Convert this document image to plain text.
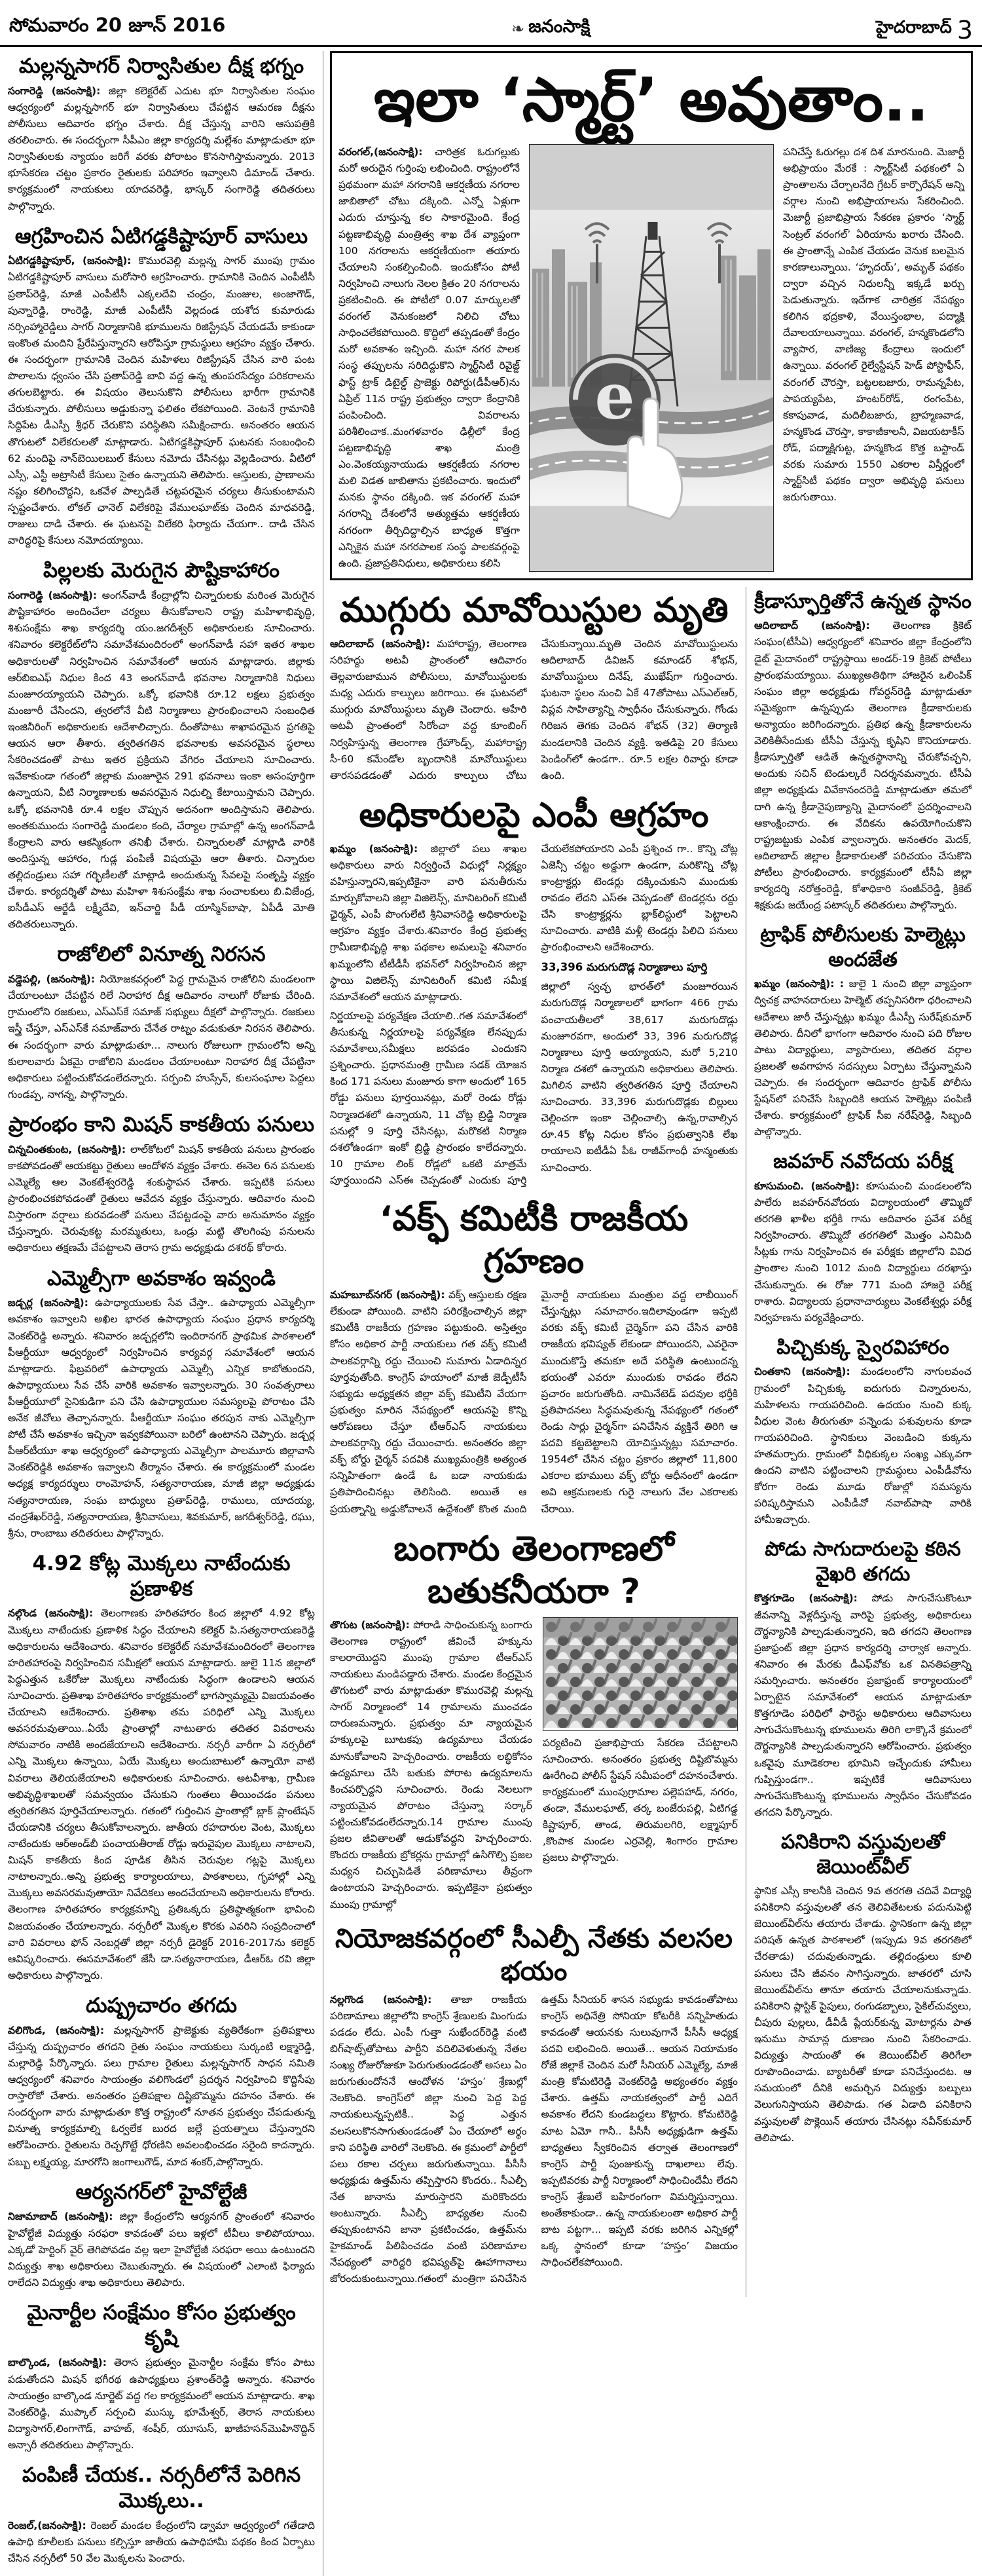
సోమవారం 20 జూన్ 2016	❧ జనంసాక్షి	హైదరాబాద్ 3
మల్లన్నసాగర్ నిర్వాసితుల దీక్ష భగ్నం

సంగారెడ్డి (జనంసాక్షి): జిల్లా కలెక్టరేట్ ఎదుట భూ నిర్వాసితుల సంఘం ఆధ్వర్యంలో మల్లన్నసాగర్ భూ నిర్వాసితులు చేపట్టిన ఆమరణ దీక్షను పోలీసులు ఆదివారం భగ్నం చేశారు. దీక్ష చేస్తున్న వారిని ఆసుపత్రికి తరలించారు. ఈ సందర్భంగా సీపీఎం జిల్లా కార్యదర్శి మల్లేశం మాట్లాడుతూ భూ నిర్వాసితులకు న్యాయం జరిగే వరకు పోరాటం కొనసాగిస్తామన్నారు. 2013 భూసేకరణ చట్టం ప్రకారం రైతులకు పరిహారం ఇవ్వాలని డిమాండ్ చేశారు. కార్యక్రమంలో నాయకులు యాదవరెడ్డి, భాస్కర్ సంగారెడ్డి తదితరులు పాల్గొన్నారు.

ఆగ్రహించిన ఏటిగడ్డకిష్టాపూర్ వాసులు

ఏటిగడ్డకిష్టాపూర్, (జనంసాక్షి): కొమురవెల్లి మల్లన్న సాగర్ ముంపు గ్రామం ఏటిగడ్డకిష్టాపూర్ వాసులు మరోసారి ఆగ్రహించారు. గ్రామానికి చెందిన ఎంపీటీసీ ప్రతాప్‌రెడ్డి, మాజీ ఎంపీటీసీ ఎక్కలదేవి చంద్రం, మంజుల, అంజాగౌడ్, పున్నారెడ్డి, రాంరెడ్డి, మాజీ ఎంపీటీసీ వెల్లదండ యశోద కుమారుడు నర్సింహ్మారెడ్డిలు సాగర్ నిర్మాణానికి భూములను రిజిస్ట్రేషన్ చేయడమే కాకుండా ఇంకొంత మందిని ప్రేరేపిస్తున్నారని ఆరోపిస్తూ గ్రామస్థులు ఆగ్రహం వ్యక్తం చేశారు. ఈ సందర్భంగా గ్రామానికి చెందిన మహిళలు రిజిస్ట్రేషన్ చేసిన వారి పంట పొలాలను ధ్వంసం చేసి ప్రతాప్‌రెడ్డి బావి వద్ద ఉన్న తుంపరసేద్యం పరికరాలను తగులబెట్టారు. ఈ విషయం తెలుసుకొని పోలీసులు భారీగా గ్రామానికి చేరుకున్నారు. పోలీసులు అడ్డుకున్నా ఫలితం లేకపోయింది. వెంటనే గ్రామానికి సిద్దిపేట డీఎస్పీ శ్రీధర్ చేరుకొని పరిస్థితిని సమీక్షించారు. అనంతరం ఆయన తొగుటలో విలేకరులతో మాట్లాడారు. ఏటిగడ్డకిష్టాపూర్ ఘటనకు సంబంధించి 62 మందిపై నాన్‌బెయిలబుల్ కేసులు నమోదు చేసినట్లు వెల్లడించారు. వీటిలో ఎస్సీ, ఎస్టీ అట్రాసిటీ కేసులు సైతం ఉన్నాయని తెలిపారు. ఆస్తులకు, ప్రాణాలను నష్టం కలిగించొద్దని, ఒకవేళ పాల్పడితే చట్టపరమైన చర్యలు తీసుకుంటామని స్పష్టంచేశారు. లోకల్ ఛానెల్ విలేకరిపై వేములఘాట్‌కు చెందిన మాధవరెడ్డి, రాజులు దాడి చేశారు. ఈ ఘటనపై విలేకరి ఫిర్యాదు చేయగా.. దాడి చేసిన వారిద్దరిపై కేసులు నమోదయ్యాయి.

పిల్లలకు మెరుగైన పౌష్టికాహారం

సంగారెడ్డి (జనంసాక్షి): అంగన్‌వాడీ కేంద్రాల్లోని చిన్నారులకు మరింత మెరుగైన పౌష్టికాహారం అందించేలా చర్యలు తీసుకోవాలని రాష్ట్ర మహిళాభివృద్ధి, శిశుసంక్షేమ శాఖ కార్యదర్శి యం.జగదీశ్వర్ అధికారులకు సూచించారు. శనివారం కలెక్టరేట్‌లోని సమావేశమందిరంలో అంగన్‌వాడీ సహా ఇతర శాఖల అధికారులతో నిర్వహించిన సమావేశంలో ఆయన మాట్లాడారు. జిల్లాకు ఆర్‌బిఐఎఫ్ నిధుల కింద 43 అంగన్‌వాడీ భవనాల నిర్మాణానికి నిధులు మంజూరయ్యాయని చెప్పారు. ఒక్కో భవానికి రూ.12 లక్షలు ప్రభుత్వం మంజూరీ చేసిందని, త్వరలోనే వీటి నిర్మాణాలు ప్రారంభించాలని సంబంధిత ఇంజినీరింగ్ అధికారులకు ఆదేశాలిచ్చారు. దీంతోపాటు శాఖాపరమైన ప్రగతిపై ఆయన ఆరా తీశారు. త్వరితగతిన భవనాలకు అవసరమైన స్థలాలు సేకరించడంతో పాటు ఇతర ప్రక్రియని వేగిరం చేయాలని సూచించారు. ఇవేకాకుండా గతంలో జిల్లాకు మంజూరైన 291 భవనాలు ఇంకా అసంపూర్తిగా ఉన్నాయని, వీటి నిర్మాణాలకు అవసరమైన నిధుల్ని కేటాయిస్తామని చెప్పారు. ఒక్కో భవనానికి రూ.4 లక్షల చొప్పున అదనంగా అందిస్తామని తెలిపారు. అంతకుముందు సంగారెడ్డి మండలం కంది, చేర్యాల గ్రామాల్లో ఉన్న అంగన్‌వాడీ కేంద్రాలని వారు ఆకస్మికంగా తనిఖీ చేశారు. చిన్నారులతో మాట్లాడి వారికి అందిస్తున్న ఆహారం, గుడ్ల పంపిణీ విషయమై ఆరా తీశారు. చిన్నారుల తల్లిదండ్రులు సహా గర్భిణీలతో మాట్లాడి అందుతున్న సేవలపై సంతృప్తి వ్యక్తం చేశారు. కార్యదర్శితో పాటు మహిళా శిశుసంక్షేమ శాఖ సంచాలకులు బి.విజేంద్ర, ఐసీడీఎస్ ఆర్జేడీ లక్ష్మీదేవి, ఇన్‌చార్జి పీడీ యాస్మిన్‌బాషా, ఏపీడీ మోతి తదితరులున్నారు.

రాజోలిలో వినూత్న నిరసన

వడ్డెపల్లి, (జనంసాక్షి): నియోజకవర్గంలో పెద్ద గ్రామమైన రాజోలిని మండలంగా చేయాలంటూ చేపట్టిన రిలే నిరాహార దీక్ష ఆదివారం నాలుగో రోజుకు చేరింది. గ్రామంలోని రజకులు, ఎస్ఎస్‌కే సమాజ్ సభ్యులు దీక్షలో పాల్గొన్నారు. రజకులు ఇస్త్రీ చేస్తూ, ఎస్ఎస్‌కే సమాజ్‌వారు చేనేత రాట్నం వడుకుతూ నిరసన తెలిపారు. ఈ సందర్భంగా వారు మాట్లాడుతూ... నాలుగు రోజులుగా గ్రామంలోని అన్ని కులాలవారు ఏకమై రాజోలిని మండలం చేయాలంటూ నిరాహార దీక్ష చేపట్టినా అధికారులు పట్టించుకోవడంలేదన్నారు. సర్పంచి హుస్సేన్, కులసంఘాల పెద్దలు గుండప్ప, నాగన్న, పాల్గొన్నారు.

ప్రారంభం కాని మిషన్ కాకతీయ పనులు

చిన్నచింతకుంట, (జనంసాక్షి): లాల్‌కోటలో మిషన్ కాకతీయ పనులు ప్రారంభం కాకపోవడంతో ఆయకట్టు రైతులు ఆందోళన వ్యక్తం చేశారు. ఈనెల 6న పనులకు ఎమ్మెల్యే ఆల వెంకటేశ్వరరెడ్డి శంకుస్థాపన చేశారు. ఇప్పటికి పనులు ప్రారంభించకపోవడంతో రైతులు ఆవేదన వ్యక్తం చేస్తున్నారు. ఆదివారం నుంచి విస్తారంగా వర్షాలు కురవడంతో పనులు చేపట్టడంపై వారు అనుమానం వ్యక్తం చేస్తున్నారు. చెరువుకట్ట మరమ్మతులు, ఒండ్రు మట్టి తొలగింపు పనులను అధికారులు తక్షణమే చేపట్టాలని తెరాస గ్రామ అధ్యక్షుడు దశరథ్ కోరారు.

ఎమ్మెల్సీగా అవకాశం ఇవ్వండి

జడ్చర్ల (జనంసాక్షి): ఉపాధ్యాయులకు సేవ చేస్తా.. ఉపాధ్యాయ ఎమ్మెల్సీగా అవకాశం ఇవ్వాలని అఖిల భారత ఉపాధ్యాయ సంఘం ప్రధాన కార్యదర్శి వెంకట్‌రెడ్డి అన్నారు. శనివారం జడ్చర్లలోని ఇందిరానగర్ ప్రాథమిక పాఠశాలలో పీఆర్టీయూ ఆధ్వర్యంలో నిర్వహించిన కార్యవర్గ సమావేశంలో ఆయన మాట్లాడారు. ఫిబ్రవరిలో ఉపాధ్యాయ ఎమ్మెల్సీ ఎన్నిక కాబోతుందని, ఉపాధ్యాయులు సేవ చేసే వారికి అవకాశం ఇవ్వాలన్నారు. 30 సంవత్సరాలు పీఆర్టీయూలో సైనికుడిగా పని చేసి ఉపాధ్యాయుల సమస్యలపై పోరాటం చేసి అనేక జీవోలు తెచ్చానన్నారు. పీఆర్టీయూ సంఘం తరపున నాకు ఎమ్మెల్సీగా పోటీ చేసే అవకాశం ఇచ్చినా ఇవ్వకపోయినా బరిలో ఉంటానని చెప్పారు. జడ్చర్ల పీఆర్‌టీయూ శాఖ ఆధ్వర్యంలో ఉపాధ్యాయ ఎమ్మెల్సీగా పాలమూరు జిల్లావాసి వెంకట్‌రెడ్డికి అవకాశం ఇవ్వాలని తీర్మానం చేశారు. ఈ కార్యక్రమంలో మండల అధ్యక్ష కార్యదర్శులు రాంమోహన్, సత్యనారాయణ, మాజీ జిల్లా అధ్యక్షుడు సత్యనారాయణ, సంఘ బాధ్యులు ప్రతాప్‌రెడ్డి, రాములు, యాదయ్య, చంద్రశేఖర్‌రెడ్డి, సత్యనారాయణ, శ్రీనివాసులు, శివకుమార్, జగదీశ్వర్‌రెడ్డి, రఘు, శ్రీను, రాంబాబు తదితరులు పాల్గొన్నారు.

4.92 కోట్ల మొక్కలు నాటేందుకు ప్రణాళిక

నల్గొండ (జనంసాక్షి): తెలంగాణకు హరితహారం కింద జిల్లాలో 4.92 కోట్ల మొక్కలు నాటేందుకు ప్రణాళిక సిద్ధం చేయాలని కలెక్టర్ పి.సత్యనారాయణరెడ్డి అధికారులను ఆదేశించారు. శనివారం కలెక్టరేట్ సమావేశమందిరంలో తెలంగాణ హరితహారంపై నిర్వహించిన సమీక్షలో ఆయన మాట్లాడారు. జులై 11న జిల్లాలో పెద్దఎత్తున ఒకేరోజు మొక్కలు నాటేందుకు సిద్ధంగా ఉండాలని ఆయన సూచించారు. ప్రతిశాఖ హరితహారం కార్యక్రమంలో భాగస్వామ్యమై విజయవంతం చేయాలని ఆదేశించారు. ప్రతిశాఖ తమ పరిధిలో ఎన్ని మొక్కలు అవసరమవుతాయి..ఏయే ప్రాంతాల్లో నాటుతారు తదితర వివరాలను సోమవారం నాటికి అందజేయాలని ఆదేశించారు. నర్సరీ వారీగా ఏ నర్సరీలో ఎన్ని మొక్కలు ఉన్నాయి, ఏయే మొక్కలు అందుబాటులో ఉన్నాయో వాటి వివరాలు తెలియజేయాలని అధికారులకు సూచించారు. అటవీశాఖ, గ్రామీణ అభివృద్ధిశాఖలతో సమన్వయం చేసుకుని గుంతలు తీయించడం పనులు త్వరితగతిన పూర్తిచేయాలన్నారు. గతంలో గుర్తించిన ప్రాంతాల్లో బ్లాక్ ప్లాంటేషన్ చేయడానికి చర్యలు తీసుకోవాలన్నారు. జాతీయ రహదారుల వెంట, మొక్కలు నాటేందుకు ఆర్అండ్‌బీ పంచాయతీరాజ్ రోడ్లు ఇరువైపుల మొక్కలు నాటాలని, మిషన్ కాకతీయ కింద పూడిక తీసిన చెరువుల గట్లపై మొక్కలు నాటాలన్నారు..అన్ని ప్రభుత్వ కార్యాలయాలు, పాఠశాలలు, గృహాల్లో ఎన్ని మొక్కలు అవసరమవుతాయో నివేదికలు అందచేయాలని అధికారులను కోరారు. తెలంగాణ హరితహారం కార్యక్రమాన్ని ప్రతిఒక్కరు ప్రతిష్ఠాత్మకంగా భావించి విజయవంతం చేయాలన్నారు. నర్సరీలో మొక్కల కొరకు ఎవరిని సంప్రదించాలో వారి వివరాలు ఫోన్ నెంబర్లతో జిల్లా నర్సరీ డైరెక్టర్ 2016-2017ను కలెక్టర్ ఆవిష్కరించారు. ఈసమావేశంలో జేసీ డా.సత్యనారాయణ, డీఆర్‌ఓ రవి జిల్లా అధికారులు పాల్గొన్నారు.

దుష్ప్రచారం తగదు

వలిగొండ, (జనంసాక్షి): మల్లన్నసాగర్ ప్రాజెక్టుకు వ్యతిరేకంగా ప్రతిపక్షాలు చేస్తున్న దుష్ప్రచారం తగదని రైతు సంఘం నాయకులు సుర్కంటి లక్ష్మారెడ్డి, మల్లారెడ్డి పేర్కొన్నారు. పలు గ్రామాల రైతులు మల్లన్నసాగర్ సాధన సమితి ఆధ్వర్యంలో శనివారం సాయంత్రం వలిగొండలో ప్రదర్శన నిర్వహించి కొద్దిసేపు రాస్తారోకో చేశారు. అనంతరం ప్రతిపక్షాల దిష్టిబొమ్మను దహనం చేశారు. ఈ సందర్భంగా వారు మాట్లాడుతూ కొత్త రాష్ట్రంలో నూతన ప్రభుత్వం చేపడుతున్న వినూత్న కార్యక్రమాల్ని ఓర్వలేక బురద జల్లే ప్రయత్నాలు చేస్తున్నారని ఆరోపించారు. రైతులను రెచ్చగొట్టే ధోరణిని అవలంభించడం సరైంది కాదన్నారు. పబ్బు లక్ష్మయ్య, మారగోని జంగాలుగౌడ్, మాద శంకర్,పాల్గొన్నారు.

ఆర్యనగర్‌లో హైవోల్టేజీ

నిజామాబాద్ (జనంసాక్షి): జిల్లా కేంద్రంలోని ఆర్యనగర్ ప్రాంతంలో శనివారం హైవోల్టేజీ విద్యుత్తు సరఫరా కావడంతో పలు ఇళ్లలో టీవీలు కాలిపోయాయి. ఎక్కడో హెర్టింగ్ వైర్ తెగిపోవడం వల్ల ఇలా హైవోల్టేజీ సరఫరా అయి ఉంటుందని విద్యుత్తు శాఖ అధికారులు చెబుతున్నారు. ఈ విషయంలో ఎలాంటి ఫిర్యాదు రాలేదని విద్యుత్తు శాఖ అధికారులు తెలిపారు.

మైనార్టీల సంక్షేమం కోసం ప్రభుత్వం కృషి

బాల్కొండ, (జనంసాక్షి): తెరాస ప్రభుత్వం మైనార్టీల సంక్షేమ కోసం పాటు పడుతోందని మిషన్ భగీరథ ఉపాధ్యక్షులు ప్రశాంత్‌రెడ్డి అన్నారు. శనివారం సాయంత్రం బాల్కొండ నూర్జెట్ వద్ద గల కార్యక్రమంలో ఆయన మాట్లాడారు. శాఖ వెంకట్‌రెడ్డి, ముప్కాల్ సర్పంచి ముస్కు భూమేశ్వర్, తెరాస నాయకులు విద్యాసాగర్,లింగాగౌడ్, వాహబ్, శంషీర్, యూసుస్, ఖాజీహసన్‌మొహినొద్దిన్ అన్సారీ తదితరులు పాల్గొన్నారు.

పంపిణీ చేయక.. నర్సరీలోనే పెరిగిన మొక్కలు..

రెంజల్,(జనంసాక్షి): రెంజల్ మండల కేంద్రంలోని డ్వామా ఆధ్వర్యంలో గతేడాది ఉపాధి కూలీలకు పనులు కల్పిస్తూ జాతీయ ఉపాధిహామీ పథకం కింద ఏర్పాటు చేసిన నర్సరీలో 50 వేల మొక్కలను పెంచారు.

ఇలా ‘స్మార్ట్’ అవుతాం..

వరంగల్,(జనంసాక్షి): చారిత్రక ఓరుగల్లుకు మరో అరుదైన గుర్తింపు లభించింది. రాష్ట్రంలోనే ప్రథమంగా మహా నగరానికి ఆకర్షణీయ నగరాల జాబితాలో చోటు దక్కింది. ఎన్నో ఏళ్లుగా ఎదురు చూస్తున్న కల సాకారమైంది. కేంద్ర పట్టణాభివృద్ధి మంత్రిత్వ శాఖ దేశ వ్యాప్తంగా 100 నగరాలను ఆకర్షణీయంగా తయారు చేయాలని సంకల్పించింది. ఇందుకోసం పోటీ నిర్వహించి నాలుగు నెలల క్రితం 20 నగరాలను ప్రకటించింది. ఈ పోటీలో 0.07 మార్కులతో వరంగల్ వెనుకంజలో నిలిచి చోటు సాధించలేకపోయింది. కొద్దిలో తప్పడంతో కేంద్రం మరో అవకాశం ఇచ్చింది. మహా నగర పాలక సంస్థ తప్పులను సరిదిద్దుకొని స్మార్ట్‌సిటీ రివైజ్డ్ ఫాస్ట్ ట్రాక్ డిటైల్డ్ ప్రాజెక్టు రిపోర్టు(డీపీఆర్)ను ఏప్రిల్ 11న రాష్ట్ర ప్రభుత్వం ద్వారా కేంద్రానికి పంపించింది. వివరాలను పరిశీలించాక..మంగళవారం ఢిల్లీలో కేంద్ర పట్టణాభివృద్ధి శాఖ మంత్రి ఎం.వెంకయ్యనాయుడు ఆకర్షణీయ నగరాల మలి విడత జాబితాను ప్రకటించారు. ఇందులో మనకు స్థానం దక్కింది. ఇక వరంగల్ మహా నగరాన్ని దేశంలోనే అత్యుత్తమ ఆకర్షణీయ నగరంగా తీర్చిదిద్దాల్సిన బాధ్యత కొత్తగా ఎన్నికైన మహా నగరపాలక సంస్థ పాలకవర్గంపై ఉంది. ప్రజాప్రతినిధులు, అధికారులు కలిసి

e

పనిచేస్తే ఓరుగల్లు దశ దిశ మారనుంది. మెజార్టీ అభిప్రాయం మేరకే : స్మార్ట్‌సిటీ పథకంలో ఏ ప్రాంతాలను చేర్చాలనేది గ్రేటర్ కార్పొరేషన్ అన్ని వర్గాల నుంచి అభిప్రాయాలను సేకరించింది. మెజార్టీ ప్రజాభిప్రాయ సేకరణ ప్రకారం ‘స్మార్ట్ సెంట్రల్ వరంగల్’ ఏరియాను ఖరారు చేసింది. ఈ ప్రాంతాన్నే ఎంపిక చేయడం వెనుక బలమైన కారణాలున్నాయి. ‘హృదయ్’, అమృత్ పథకం ద్వారా వచ్చిన నిధులన్నీ ఇక్కడే ఖర్చు పెడుతున్నారు. ఇదేగాక చారిత్రక నేపథ్యం కలిగిన భద్రకాళి, వేయిస్తంభాల, పద్మాక్షి దేవాలయాలున్నాయి. వరంగల్, హన్మకొండలోని వ్యాపార, వాణిజ్య కేంద్రాలు ఇందులో ఉన్నాయి. వరంగల్ రైల్వేస్టేషన్ హెడ్ పోస్టాఫీస్, వరంగల్ చౌరస్తా, బట్టలబజారు, రామన్నపేట, పాపయ్యపేట, హంటర్‌రోడ్, రంగంపేట, కకాపువాడ, మదిలీబజారు, బ్రాహ్మణవాడ, హన్మకొండ చౌరస్తా, కాకాజీకాలనీ, విజయటాకీస్ రోడ్, పద్మాక్షిగుట్ట, హన్మకొండ కొత్త బస్టాండ్ వరకు సుమారు 1550 ఎకరాల విస్తీర్ణంలో స్మార్ట్‌సిటీ పథకం ద్వారా అభివృద్ధి పనులు జరుగుతాయి.

ముగ్గురు మావోయిస్టుల మృతి

ఆదిలాబాద్ (జనంసాక్షి): మహారాష్ట్ర, తెలంగాణ సరిహద్దు అటవీ ప్రాంతంలో ఆదివారం తెల్లవారుజామున పోలీసులు, మావోయిస్టులకు మధ్య ఎదురు కాల్పులు జరిగాయి. ఈ ఘటనలో ముగ్గురు మావోయిస్టులు మృతి చెందారు. అహేరి అటవీ ప్రాంతంలో సిరోంచా వద్ద కూంబింగ్ నిర్వహిస్తున్న తెలంగాణ గ్రేహౌండ్స్, మహారాష్ట్ర సీ-60 కమేండోల బృందానికి మావోయిస్టులు తారసపడడంతో ఎదురు కాల్పులు చోటు చేసుకున్నాయి.మృతి చెందిన మావోయిస్టులను ఆదిలాబాద్ డివిజన్ కమాండర్ శోభన్, మావోయిస్టులు దినేష్, ముఖేష్‌గా గుర్తించారు. ఘటనా స్థలం నుంచి ఏకే 47తోపాటు ఎస్ఎల్ఆర్, విప్లవ సాహిత్యాన్ని స్వాధీనం చేసుకున్నారు. గోండు గిరిజన తెగకు చెందిన శోభన్ (32) తిర్యాణి మండలానికి చెందిన వ్యక్తి. ఇతడిపై 20 కేసులు పెండింగ్‌లో ఉండగా.. రూ.5 లక్షల రివార్డు కూడా ఉంది.

అధికారులపై ఎంపీ ఆగ్రహం

ఖమ్మం (జనంసాక్షి): జిల్లాలో పలు శాఖల అధికారులు వారు నిర్వర్తించే విధుల్లో నిర్లక్ష్యం వహిస్తున్నారని,ఇప్పటికైనా వారి పనుతీరును మార్చుకోవాలని జిల్లా విజిలెన్స్, మానిటరింగ్ కమిటీ ఛైర్మన్, ఎంపీ పొంగులేటి శ్రీనివాసరెడ్డి అధికారులపై ఆగ్రహం వ్యక్తం చేశారు.శనివారం కేంద్ర ప్రభుత్వ గ్రామీణాభివృద్ధి శాఖ పథకాల అమలుపై శనివారం ఖమ్మంలోని టీటీడీసీ భవన్‌లో నిర్వహించిన జిల్లా స్థాయి విజిలెన్స్ మానిటరింగ్ కమిటి సమీక్ష సమావేశంలో ఆయన మాట్లాడారు.

నిర్ణయాలపై పర్యవేక్షణ చేయాలి..గత సమావేశంలో తీసుకున్న నిర్ణయాలపై పర్యవేక్షణ లేనప్పుడు సమావేశాలు,సమీక్షలు జరపడం ఎందుకని ప్రశ్నించారు. ప్రధానమంత్రి గ్రామీణ సడక్ యోజన కింద 171 పనులు మంజూరు కాగా అందులో 165 రోడ్డు పనులు పూర్తయినట్లు, మరో రెండు రోడ్లు నిర్మాణదశలో ఉన్నాయని, 11 చోట్ల బ్రిడ్జి నిర్మాణ పనుల్లో 9 పూర్తి చేసినట్లు, మరొకటి నిర్మాణ దశలోఉండగా ఇంకో బ్రిడ్జి ప్రారంభం కాలేదన్నారు. 10 గ్రామాల లింక్ రోడ్లలో ఒకటి మాత్రమే పూర్తయిందని ఎస్ఈ చెప్పడంతో ఎందుకు పూర్తి చేయలేకపోయారని ఎంపీ ప్రశ్నించ గా.. కొన్ని చోట్ల ఏజెన్సీ చట్టం అడ్డుగా ఉండగా, మరికొన్ని చోట్ల కాంట్రాక్టర్లు టెండర్లు దక్కించుకుని ముందుకు రావడం లేదని ఎస్ఈ చెప్పడంతో టెండర్లను రద్దు చేసి కాంట్రాక్టర్లను బ్లాక్‌లిస్టులో పెట్టాలని సూచించారు. వాటికి మళ్లీ టెండర్లు పిలిచి పనులు ప్రారంభించాలని ఆదేశించారు.

33,396 మరుగుదొడ్ల నిర్మాణాలు పూర్తి

జిల్లాలో స్వచ్ఛ భారత్‌లో మంజూరయిన మరుగుదొడ్ల నిర్మాణాలలో భాగంగా 466 గ్రామ పంచాయతీలలో 38,617 మరుగుదొడ్లు మంజూరవగా, అందులో 33, 396 మరుగుదొడ్ల నిర్మాణాలు పూర్తి అయ్యాయని, మరో 5,210 నిర్మాణ దశలో ఉన్నాయని అధికారులు తెలిపారు. మిగిలిన వాటిని త్వరితగతిన పూర్తి చేయాలని సూచించారు. 33,396 మరుగుదొడ్లకు బిల్లులు చెల్లించగా ఇంకా చెల్లించాల్సి ఉన్న,రావాల్సిన రూ.45 కోట్ల నిధుల కోసం ప్రభుత్వానికి లేఖ రాయాలని ఐటీడీఏ పీఓ రాజీవ్‌గాంధీ హన్మంతుకు సూచించారు.

‘వక్ఫ్ కమిటీకి రాజకీయ గ్రహణం

మహబూబ్‌నగర్ (జనంసాక్షి): వక్ఫ్ ఆస్తులకు రక్షణ లేకుండా పోయింది. వాటిని పరిరక్షించాల్సిన జిల్లా కమిటీకి రాజకీయ గ్రహణం పట్టుకుంది. అస్తిత్వం కోసం అధికార పార్టీ నాయకులు గత వక్ఫ్ కమిటీ పాలకవర్గాన్ని రద్దు చేయించి సుమారు ఏడాదిన్నర పూర్తవుతోంది. కాంగ్రెస్ హయాంలో మాజీ జెడ్పీటీసీ సభ్యుడు అధ్యక్షతన జిల్లా వక్ఫ్ కమిటీని వేయగా ప్రభుత్వం మారిన నేపథ్యంలో ఆయనపై కొన్ని ఆరోపణలు చేస్తూ టీఆర్ఎస్ నాయకులు పాలకవర్గాన్ని రద్దు చేయించారు. అనంతరం జిల్లా వక్ఫ్ బోర్డు చైర్మన్ పదవికి ముఖ్యమంత్రికి అత్యంత సన్నిహితంగా ఉండే ఓ బడా నాయకుడు ప్రతిపాదించినట్లు తెలిసింది. అయితే ఆ ప్రయత్నాన్ని అడ్డుకోవాలనే ఉద్దేశంతో కొంత మంది మైనార్టీ నాయకులు మంత్రుల వద్ద లాబీయింగ్ చేస్తున్నట్లు సమాచారం.ఇదిలావుండగా ఇప్పటి వరకు వక్ఫ్ కమిటీ చైర్మెన్‌గా పని చేసిన వారికి రాజకీయ భవిష్యత్ లేకుండా పోయిందని, ఎవరైనా ముందుకొస్తే తమకూ అదే పరిస్థితి ఉంటుందన్న భయంతో ఎవరూ ముందుకు రావడం లేదని ప్రచారం జరుగుతోంది. నామినేటెడ్ పదవుల భర్తీకి ప్రతిపాదనలు సిద్ధమవుతున్న నేపథ్యంలో గతంలో రెండు సార్లు చైర్మన్‌గా పనిచేసిన వ్యక్తినే తిరిగి ఆ పదవి కట్టబెట్టాలని యోచిస్తున్నట్లు సమాచారం. 1954లో చేసిన చట్టం ప్రకారం జిల్లాలో 11,800 ఎకరాల భూములు వక్ఫ్ బోర్డు ఆధీనంలో ఉండగా అవి ఆక్రమణలకు గురై నాలుగు వేల ఎకరాలకు చేరాయి.

బంగారు తెలంగాణలో బతుకనీయరా ?

తొగుట (జనంసాక్షి): పోరాడి సాధించుకున్న బంగారు తెలంగాణ రాష్ట్రంలో జీవించే హక్కును కాలరాయొద్దని ముంపు గ్రామాల టీఆర్ఎస్ నాయకులు మండిపడ్డారు చేశారు. మండల కేంద్రమైన తొగుటలో వారు మాట్లాడుతూ కొమురవెల్లి మల్లన్న సాగర్ నిర్మాణంలో 14 గ్రామాలను ముంచడం దారుణమన్నారు. ప్రభుత్వం మా న్యాయమైన హక్కులపై బూటకపు ఉద్యమాలు చేయడం మానుకోవాలని హెచ్చరించారు. రాజకీయ లబ్ధికోసం ఉద్యమాలు చేసి బతుకు పోరాట ఉద్యమాలను కించపర్చొద్దని సూచించారు. రెండు నెలలుగా న్యాయమైన పోరాటం చేస్తున్నా సర్కార్ పట్టించుకోవడంలేదన్నారు.14 గ్రామాల ముంపు ప్రజల జీవితాలతో ఆడుకోవద్దని హెచ్చరించారు. కొందరు రాజకీయ బ్రోకర్లను గ్రామాల్లో ఉసిగొల్పి ప్రజల మధ్యన చిచ్చుపెడితే పరిణామాలు తీవ్రంగా ఉంటాయని హెచ్చరించారు. ఇప్పటికైనా ప్రభుత్వం ముంపు గ్రామాల్లో

పర్యటించి ప్రజాభిప్రాయ సేకరణ చేపట్టాలని సూచించారు. అనంతరం ప్రభుత్వ దిష్టిబొమ్మను ఊరేగించి పోలీస్ స్టేషన్ సమీపంలో దహనంచేశారు. కార్యక్రమంలో ముంపుగ్రామాల పల్లెపహాడ్, నగరం, తండా, వేములఘాట్, తర్క బంజేరుపల్లి, ఏటిగడ్డ కిష్టాపూర్, తాండ, తిరుమలగిరి, లక్ష్మాపూర్ ,కొంపాక మండల ఎర్రవెల్లి, శింగారం గ్రామాల ప్రజలు పాల్గొన్నారు.

నియోజకవర్గంలో సీఎల్పీ నేతకు వలసల భయం

నల్లగొండ (జనంసాక్షి): తాజా రాజకీయ పరిణామాలు జిల్లాలోని కాంగ్రెస్ శ్రేణులకు మింగుడు పడడం లేదు. ఎంపీ గుత్తా సుఖేందర్‌రెడ్డి వంటి బిగ్‌షాట్స్‌తోపాటు పార్టీని వదిలివెళుతున్న నేతల సంఖ్య రోజురోజుకూ పెరుగుతుండడంతో అసలు ఏం జరుగుతుందోననే ఆందోళన ‘హస్తం’ శ్రేణుల్లో నెలకొంది. కాంగ్రెస్‌లో జిల్లా నుంచి పెద్ద పెద్ద నాయకులున్నప్పటికీ.. పెద్ద ఎత్తున వలసలుకొనసాగుతుండడంతో ఏం చేయాలో అర్థం కాని పరిస్థితి వారిలో నెలకొంది. ఈ క్రమంలో పార్టీలో పలు రకాల చర్చలు జరుగుతున్నాయి. పీసీసీ అధ్యక్షుడు ఉత్తమ్‌ను తప్పిస్తారని కొందరు.. సీఎల్పీ నేత జానాను మారుస్తారని మరికొందరు అంటున్నారు. సీఎల్పీ బాధ్యతల నుంచి తప్పుకుంటానని జానా ప్రకటించడం, ఉత్తమ్‌ను హైకమాండ్ పిలిపించడం వంటి పరిణామాల నేపథ్యంలో వారిద్దరి భవిష్యత్‌పై ఊహాగానాలు జోరందుకుంటున్నాయి.గతంలో మంత్రిగా పనిచేసిన ఉత్తమ్ సీనియర్ శాసన సభ్యుడు కావడంతోపాటు కాంగ్రెస్ అధినేత్రి సోనియా కోటరీకి సన్నిహితుడు కావడంతో ఆయనకు సులువుగానే పీసీసీ అధ్యక్ష పదవి లభించింది. అయితే... ఆయన నియామకం రోజే జిల్లాకే చెందిన మరో సీనియర్ ఎమ్మెల్యే, మాజీ మంత్రి కోమటిరెడ్డి వెంకట్‌రెడ్డి అభ్యంతరం వ్యక్తం చేశారు. ఉత్తమ్ నాయకత్వంలో పార్టీ ఎదిగే అవకాశం లేదని కుండబద్దలు కొట్టారు. కోమటిరెడ్డి మాట ఏమో గానీ.. పీసీసీ అధ్యక్షుడిగా ఉత్తమ్ బాధ్యతలు స్వీకరించిన తర్వాత తెలంగాణలో కాంగ్రెస్ పార్టీ పుంజుకున్న దాఖలాలు లేవు. ఇప్పటివరకు పార్టీ నిర్మాణంలో సాధించిందేమీ లేదని కాంగ్రెస్ శ్రేణులే బహిరంగంగా విమర్శిస్తున్నాయి. అంతేకాకుండా.. ఉన్న నాయకులంతా అధికార పార్టీ బాట పట్టగా... ఇప్పటి వరకు జరిగిన ఎన్నికల్లో ఒక్క స్థానంలో కూడా ‘హస్తం’ విజయం సాధించలేకపోయింది.

క్రీడాస్ఫూర్తితోనే ఉన్నత స్థానం

ఆదిలాబాద్ (జనంసాక్షి): తెలంగాణ క్రికెట్ సంఘం(టీసీఏ) ఆధ్వర్యంలో శనివారం జిల్లా కేంద్రంలోని డైట్ మైదానంలో రాష్ట్రస్థాయి అండర్-19 క్రికెట్ పోటీలు ప్రారంభమయ్యాయి. ముఖ్యఅతిథిగా హాజరైన ఒలింపిక్ సంఘం జిల్లా అధ్యక్షుడు గోవర్దన్‌రెడ్డి మాట్లాడుతూ సమైక్యంగా ఉన్నప్పుడు తెలంగాణ క్రీడాకారులకు అన్యాయం జరిగిందన్నారు. ప్రతిభ ఉన్న క్రీడాకారులను వెలికితీసేందుకు టీసీఏ చేస్తున్న కృషిని కొనియాడారు. క్రీడాస్ఫూర్తితో ఆడితే ఉన్నతస్థానాన్ని చేరుకోవచ్చని, అందుకు సచిన్ టెండుల్కరే నిదర్శనమన్నారు. టీసీఏ జిల్లా అధ్యక్షుడు వివేకానందరెడ్డి మాట్లాడుతూ తమలో దాగి ఉన్న క్రీడానైపుణ్యాన్ని మైదానంలో ప్రదర్శించాలని ఆకాంక్షించారు. ఈ వేదికను ఉపయోగించుకొని రాష్ట్రజట్టుకు ఎంపిక వ్వాలన్నారు. అనంతరం మెదక్, ఆదిలాబాద్ జిల్లాల క్రీడాకారులతో పరిచయం చేసుకొని పోటీలు ప్రారంభించారు. కార్యక్రమంలో టీసీఏ జిల్లా కార్యదర్శి నరోత్తంరెడ్డి, కోశాధికారి సంజీవ్‌రెడ్డి, క్రికెట్ శిక్షకుడు జయేంద్ర పటాస్కర్ తదితరులు పాల్గొన్నారు.

ట్రాఫిక్ పోలీసులకు హెల్మెట్లు అందజేత

ఖమ్మం (జనంసాక్షి): : జులై 1 నుంచి జిల్లా వ్యాప్తంగా ద్విచక్ర వాహనదారులు హెల్మెట్ తప్పనిసరిగా ధరించాలని ఆదేశాలు జారీ చేస్తున్నట్లు ఖమ్మం డీఎస్పీ సురేష్‌కుమార్ తెలిపారు. దీనిలో భాగంగా ఆదివారం నుంచి పది రోజుల పాటు విద్యార్థులు, వ్యాపారులు, తదితర వర్గాల ప్రజలతో అవగాహన సదస్సులు ఏర్పాటు చేస్తున్నామని చెప్పారు. ఈ సందర్భంగా ఆదివారం ట్రాఫిక్ పోలీసు స్టేషన్‌లో పనిచేసే సిబ్బందికి ఆయన హెల్మెట్లు పంపిణీ చేశారు. కార్యక్రమంలో ట్రాఫిక్ సీఐ నరేష్‌రెడ్డి, సిబ్బంది పాల్గొన్నారు.

జవహర్ నవోదయ పరీక్ష

కూసుమంచి. (జనంసాక్షి): కూసుమంచి మండలంలోని పాలేరు జవహర్‌నవోదయ విద్యాలయంలో తొమ్మిదో తరగతి ఖాళీల భర్తీకి గాను ఆదివారం ప్రవేశ పరీక్ష నిర్వహించారు. తొమ్మిదో తరగతిలో మొత్తం ఎనిమిది సీట్లకు గాను నిర్వహించిన ఈ పరీక్షకు జిల్లాలోని వివిధ ప్రాంతాల నుంచి 1012 మంది విద్యార్థులు దరఖాస్తు చేసుకున్నారు. ఈ రోజు 771 మంది హాజరై పరీక్ష రాశారు. విద్యాలయ ప్రధానాచార్యులు వెంకటేశ్వర్లు పరీక్ష నిర్వహణను పర్యవేక్షించారు.

పిచ్చికుక్క స్వైరవిహారం

చింతకాని (జనంసాక్షి): మండలంలోని నాగులవంచ గ్రామంలో పిచ్చికుక్క ఐదుగురు చిన్నారులను, మహిళలను గాయపరిచింది. ఉదయం నుంచి కుక్క వీధుల వెంట తీరుగుతూ పన్నెండు పశువులను కూడా గాయపరిచింది. స్థానికులు వెంబడించి కుక్కను హతమర్చారు. గ్రామంలో వీధికుక్కల సంఖ్య ఎక్కువగా ఉందని వాటిని పట్టించాలని గ్రామస్థులు ఎంపీడీవోను కోరగా రెండు మూడు రోజుల్లో సమస్యను పరిష్కరిస్తామని ఎంపీడీవో నవాబ్‌పాషా వారికి హామీఇచ్చారు.

పోడు సాగుదారులపై కఠిన వైఖరి తగదు

కొత్తగూడెం (జనంసాక్షి): పోడు సాగుచేసుకొంటూ జీవనాన్ని వెళ్లదీస్తున్న వారిపై ప్రభుత్వ, అధికారులు దౌర్జన్యానికి పాల్పడుతున్నారని, ఇది తగదని తెలంగాణ ప్రజాఫ్రంట్ జిల్లా ప్రధాన కార్యదర్శి చార్వాక అన్నారు. శనివారం ఈ మేరకు డీఎఫ్‌వోకు ఒక వినతిపత్రాన్ని సమర్పించారు. అనంతరం ప్రజాఫ్రంట్ కార్యాలయంలో ఏర్పాటైన సమావేశంలో ఆయన మాట్లాడుతూ కొత్తగూడెం పరిధిలో ఫారెస్టు అధికారులు ఆదివాసులు సాగుచేసుకొంటున్న భూములను తిరిగి లాక్కొనే క్రమంలో దౌర్జన్యానికి పాల్పడుతున్నారని ఆరోపించారు. ప్రభుత్వం ఒకవైపు మూడెకరాల భూమిని ఇచ్చేందుకు హామీలు గుప్పిస్తుండగా.. ఇప్పటికే ఆదివాసులు సాగుచేసుకొంటున్న భూములను స్వాధీనం చేసుకోవడం తగదని పేర్కొన్నారు.

పనికిరాని వస్తువులతో జెయింట్‌వీల్

స్థానిక ఎస్సీ కాలనీకి చెందిన 9వ తరగతి చదివే విద్యార్థి పనికిరాని వస్తువులతో తన తెలివితేటలకు పదునుపెట్టి జెయింట్‌వీల్‌ను తయారు చేశాడు. స్థానికంగా ఉన్న జిల్లా పరిషత్ ఉన్నత పాఠశాలలో (ఇప్పుడు 9వ తరగతిలో చేరతాడు) చదువుతున్నాడు. తల్లిదండ్రులు కూలి పనులు చేసి జీవనం సాగిస్తున్నారు. జాతరలో చూసి జెయింట్‌వీల్‌ను తానూ తయారు చేయాలనుకున్నాడు. పనికిరాని ప్లాస్టిక్ పైపులు, రంగుడబ్బాలు, సైకిల్‌చువ్వలు, చీపురు పుల్లలు, డీవీడీ ప్లేయర్‌కున్న మోటార్లను పాత ఇనుము సామాన్ల దుకాణం నుంచి సేకరించాడు. విద్యుత్తు సాయంతో ఈ జెయింట్‌వీల్ తిరిగేలా రూపొందించాడు. బ్యాటరీతో కూడా పనిచేస్తుందట. ఆ సమయంలో దీనికి అమర్చిన విద్యుత్తు బల్బులు వెలుగునిస్తాయని తెలిపాడు. గత ఏడాది పనికిరాని వస్తువులతో పొక్లెయిన్ తయారు చేసినట్లు నవీన్‌కుమార్ తెలిపాడు.
